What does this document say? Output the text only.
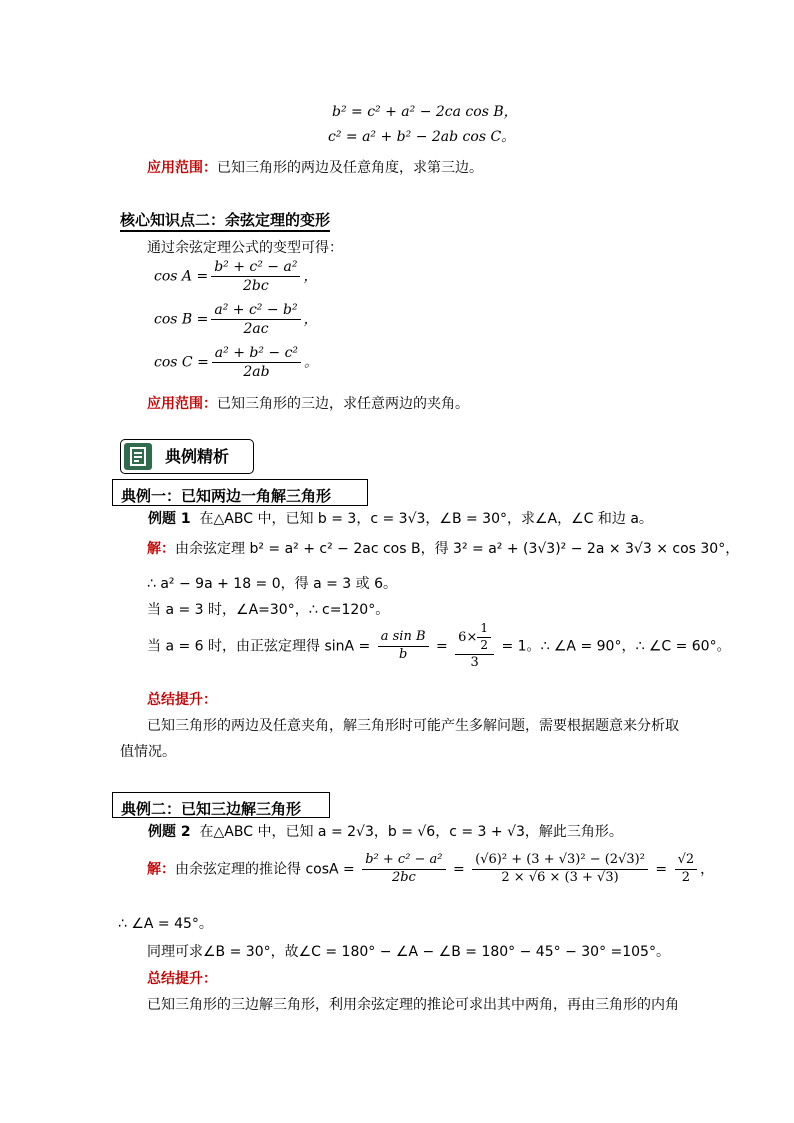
b² = c² + a² − 2ca cos B，
c² = a² + b² − 2ab cos C。
应用范围：已知三角形的两边及任意角度，求第三边。
核心知识点二：余弦定理的变形
通过余弦定理公式的变型可得：
$\cos A = \frac{\text{b² + c² − a²}}{2bc}$ ，
$\cos B = \frac{\text{a² + c² − b²}}{2ac}$ ，
$\cos C = \frac{\text{a² + b² − c²}}{2ab}$ 。
应用范围：已知三角形的三边，求任意两边的夹角。
典例精析
典例一：已知两边一角解三角形
例题 1 在△ABC 中，已知 b = 3，c = 3√3，∠B = 30°，求∠A，∠C 和边 a。
解：由余弦定理 b² = a² + c² − 2ac cos B，得 3² = a² + (3√3)² − 2a × 3√3 × cos 30°，
∴ a² − 9a + 18 = 0，得 a = 3 或 6。
当 a = 3 时，∠A=30°，∴ c=120°。
当 a = 6 时，由正弦定理得 $\sin A = \frac{\text{a sin B}}{b} = \frac{6\times \frac{1}{2}}{3} = 1$。∴ ∠A = 90°，∴ ∠C = 60°。
总结提升：
已知三角形的两边及任意夹角，解三角形时可能产生多解问题，需要根据题意来分析取
值情况。
典例二：已知三边解三角形
例题 2 在△ABC 中，已知 a = 2√3，b = √6，c = 3 + √3，解此三角形。
解：由余弦定理的推论得 $\cos A = \frac{\text{b² + c² − a²}}{2bc} = \frac{\text{(√6)² + (3 + √3)² − (2√3)²}}{2 \times √6 \times (3 + √3)} = \frac{√2}{2}$ ，
∴ ∠A = 45°。
同理可求∠B = 30°，故∠C = 180° − ∠A − ∠B = 180° − 45° − 30° =105°。
总结提升：
已知三角形的三边解三角形，利用余弦定理的推论可求出其中两角，再由三角形的内角
